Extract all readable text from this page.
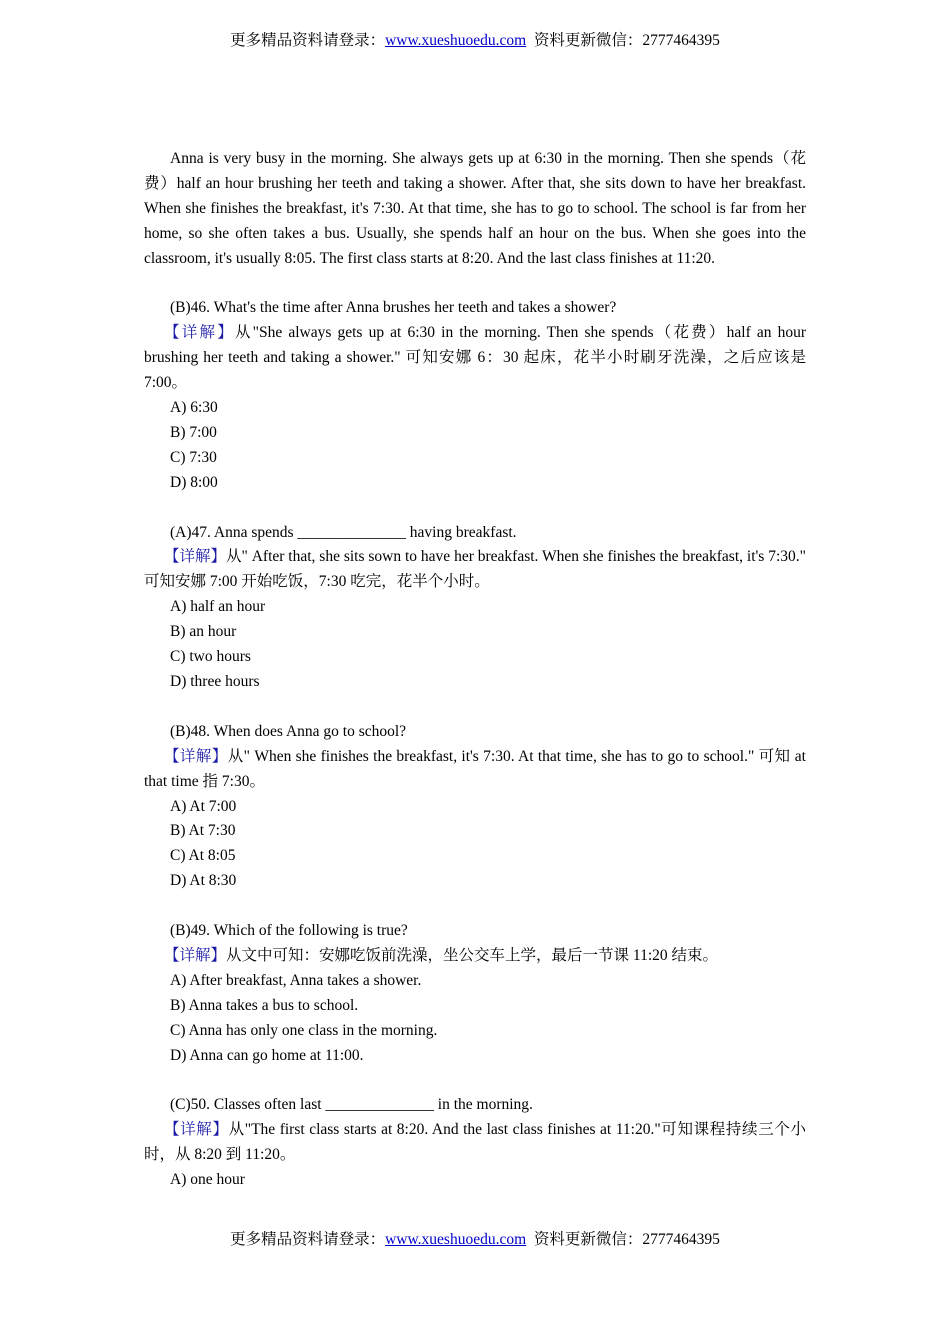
更多精品资料请登录：www.xueshuoedu.com 资料更新微信：2777464395

Anna is very busy in the morning. She always gets up at 6:30 in the morning. Then she spends（花费）half an hour brushing her teeth and taking a shower. After that, she sits down to have her breakfast. When she finishes the breakfast, it's 7:30. At that time, she has to go to school. The school is far from her home, so she often takes a bus. Usually, she spends half an hour on the bus. When she goes into the classroom, it's usually 8:05. The first class starts at 8:20. And the last class finishes at 11:20.

(B)46. What's the time after Anna brushes her teeth and takes a shower?

【详解】从"She always gets up at 6:30 in the morning. Then she spends（花费）half an hour brushing her teeth and taking a shower." 可知安娜 6：30 起床，花半小时刷牙洗澡，之后应该是 7:00。

A) 6:30

B) 7:00

C) 7:30

D) 8:00

(A)47. Anna spends ______________ having breakfast.

【详解】从" After that, she sits sown to have her breakfast. When she finishes the breakfast, it's 7:30." 可知安娜 7:00 开始吃饭，7:30 吃完，花半个小时。

A) half an hour

B) an hour

C) two hours

D) three hours

(B)48. When does Anna go to school?

【详解】从" When she finishes the breakfast, it's 7:30. At that time, she has to go to school." 可知 at that time 指 7:30。

A) At 7:00

B) At 7:30

C) At 8:05

D) At 8:30

(B)49. Which of the following is true?

【详解】从文中可知：安娜吃饭前洗澡，坐公交车上学，最后一节课 11:20 结束。

A) After breakfast, Anna takes a shower.

B) Anna takes a bus to school.

C) Anna has only one class in the morning.

D) Anna can go home at 11:00.

(C)50. Classes often last ______________ in the morning.

【详解】从"The first class starts at 8:20. And the last class finishes at 11:20."可知课程持续三个小时，从 8:20 到 11:20。

A) one hour

更多精品资料请登录：www.xueshuoedu.com 资料更新微信：2777464395
